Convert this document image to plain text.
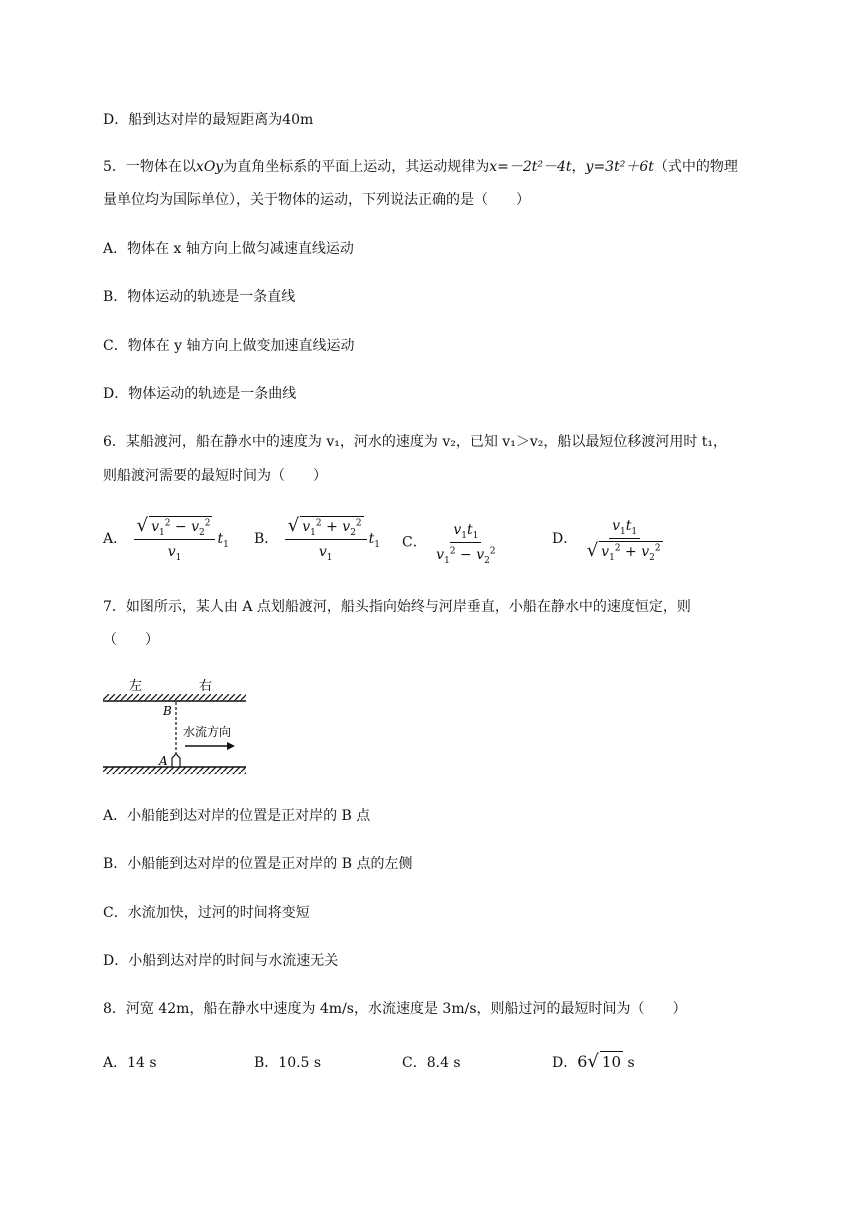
D．船到达对岸的最短距离为40m
5．一物体在以xOy为直角坐标系的平面上运动，其运动规律为x=－2t²－4t，y=3t²＋6t（式中的物理
量单位均为国际单位），关于物体的运动，下列说法正确的是（　　）
A．物体在 x 轴方向上做匀减速直线运动
B．物体运动的轨迹是一条直线
C．物体在 y 轴方向上做变加速直线运动
D．物体运动的轨迹是一条曲线
6．某船渡河，船在静水中的速度为 v₁，河水的速度为 v₂，已知 v₁＞v₂，船以最短位移渡河用时 t₁，
则船渡河需要的最短时间为（　　）
A． $\frac{√ v_1^2 - v_2^2}{v_1} t_1$ B． $\frac{√ v_1^2 + v_2^2}{v_1} t_1$ C． $\frac{v_1t_1}{v_1^2 - v_2^2}$	D． $\frac{v_1t_1}{√ v_1^2 + v_2^2}$
7．如图所示，某人由 A 点划船渡河，船头指向始终与河岸垂直，小船在静水中的速度恒定，则
（　　）
左	右
B
A
水流方向
A．小船能到达对岸的位置是正对岸的 B 点
B．小船能到达对岸的位置是正对岸的 B 点的左侧
C．水流加快，过河的时间将变短
D．小船到达对岸的时间与水流速无关
8．河宽 42m，船在静水中速度为 4m/s，水流速度是 3m/s，则船过河的最短时间为（　　）
A．14 s	B．10.5 s	C．8.4 s	D．6√ 10 s
